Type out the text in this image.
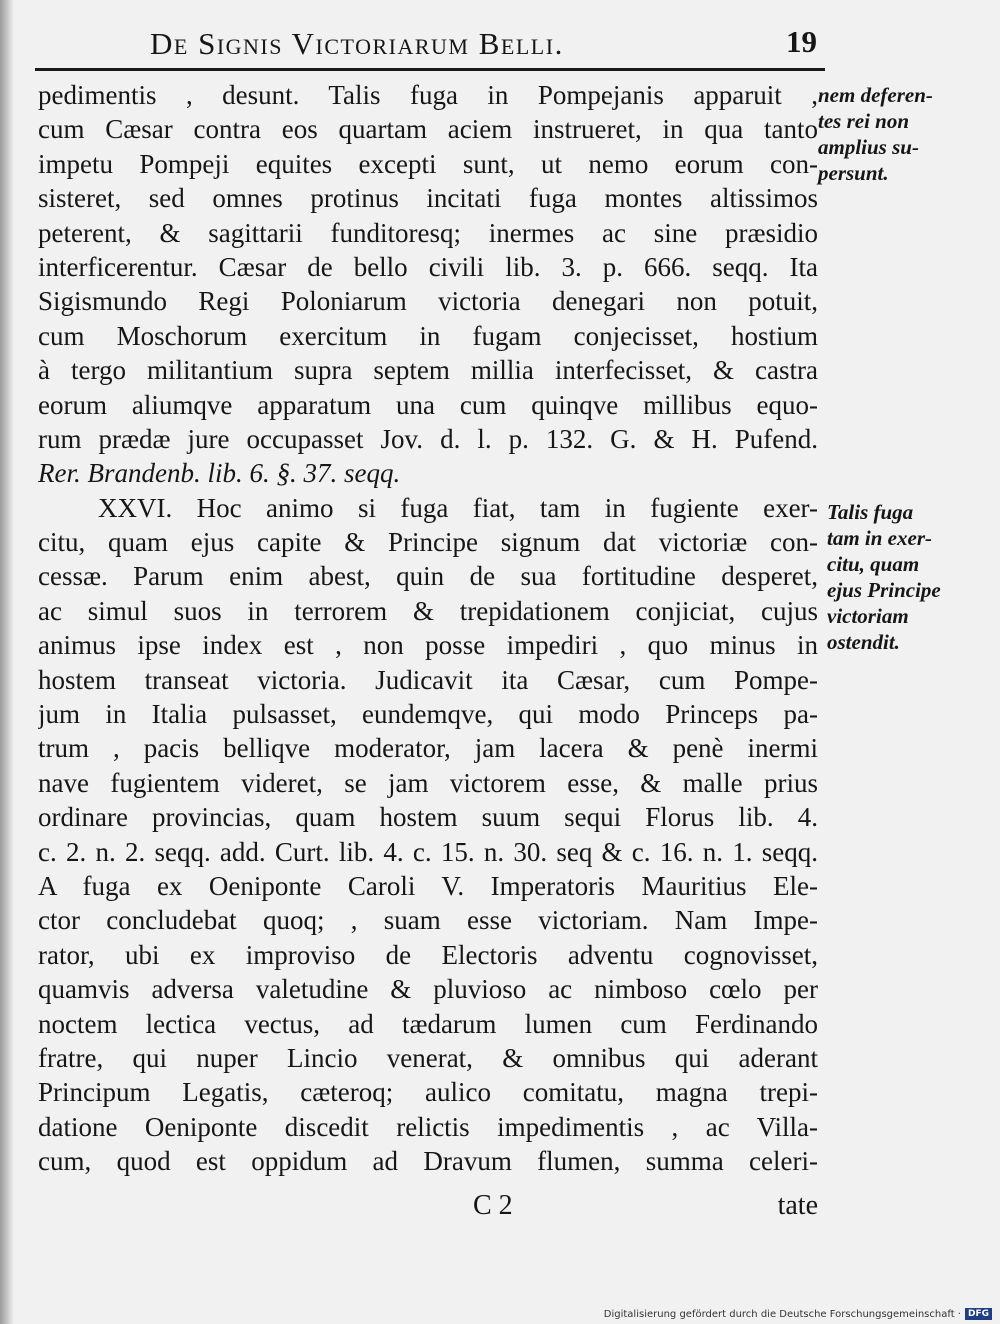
De Signis Victoriarum Belli.	19
pedimentis , desunt. Talis fuga in Pompejanis apparuit ,
cum Cæsar contra eos quartam aciem instrueret, in qua tanto
impetu Pompeji equites excepti sunt, ut nemo eorum con-
sisteret, sed omnes protinus incitati fuga montes altissimos
peterent, & sagittarii funditoresq; inermes ac sine præsidio
interficerentur. Cæsar de bello civili lib. 3. p. 666. seqq. Ita
Sigismundo Regi Poloniarum victoria denegari non potuit,
cum Moschorum exercitum in fugam conjecisset, hostium
à tergo militantium supra septem millia interfecisset, & castra
eorum aliumqve apparatum una cum quinqve millibus equo-
rum prædæ jure occupasset Jov. d. l. p. 132. G. & H. Pufend.
Rer. Brandenb. lib. 6. §. 37. seqq.
XXVI. Hoc animo si fuga fiat, tam in fugiente exer-
citu, quam ejus capite & Principe signum dat victoriæ con-
cessæ. Parum enim abest, quin de sua fortitudine desperet,
ac simul suos in terrorem & trepidationem conjiciat, cujus
animus ipse index est , non posse impediri , quo minus in
hostem transeat victoria. Judicavit ita Cæsar, cum Pompe-
jum in Italia pulsasset, eundemqve, qui modo Princeps pa-
trum , pacis belliqve moderator, jam lacera & penè inermi
nave fugientem videret, se jam victorem esse, & malle prius
ordinare provincias, quam hostem suum sequi Florus lib. 4.
c. 2. n. 2. seqq. add. Curt. lib. 4. c. 15. n. 30. seq & c. 16. n. 1. seqq.
A fuga ex Oeniponte Caroli V. Imperatoris Mauritius Ele-
ctor concludebat quoq; , suam esse victoriam. Nam Impe-
rator, ubi ex improviso de Electoris adventu cognovisset,
quamvis adversa valetudine & pluvioso ac nimboso cœlo per
noctem lectica vectus, ad tædarum lumen cum Ferdinando
fratre, qui nuper Lincio venerat, & omnibus qui aderant
Principum Legatis, cæteroq; aulico comitatu, magna trepi-
datione Oeniponte discedit relictis impedimentis , ac Villa-
cum, quod est oppidum ad Dravum flumen, summa celeri-
nem deferen-
tes rei non
amplius su-
persunt.
Talis fuga
tam in exer-
citu, quam
ejus Principe
victoriam
ostendit.
C 2	tate
Digitalisierung gefördert durch die Deutsche Forschungsgemeinschaft · DFG
